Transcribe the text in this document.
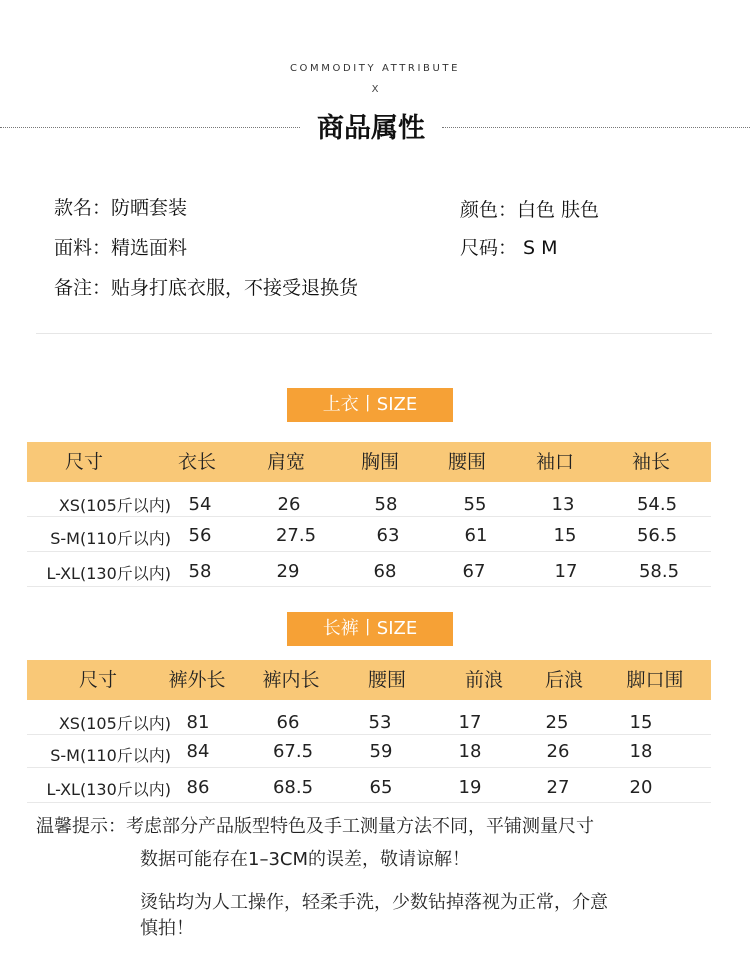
COMMODITY ATTRIBUTE
X
商品属性
款名：防晒套装	颜色：白色 肤色
面料：精选面料	尺码： S M
备注：贴身打底衣服，不接受退换货
上衣丨SIZE
尺寸	衣长	肩宽	胸围	腰围	袖口	袖长
XS(105斤以内) 54	26	58	55	13	54.5
S-M(110斤以内) 56	27.5	63	61	15	56.5
L-XL(130斤以内) 58	29	68	67	17	58.5
长裤丨SIZE
尺寸	裤外长	裤内长	腰围	前浪	后浪	脚口围
XS(105斤以内) 81	66	53	17	25	15
S-M(110斤以内) 84	67.5	59	18	26	18
L-XL(130斤以内) 86	68.5	65	19	27	20
温馨提示：考虑部分产品版型特色及手工测量方法不同，平铺测量尺寸
数据可能存在1–3CM的误差，敬请谅解！
烫钻均为人工操作，轻柔手洗，少数钻掉落视为正常，介意
慎拍！
